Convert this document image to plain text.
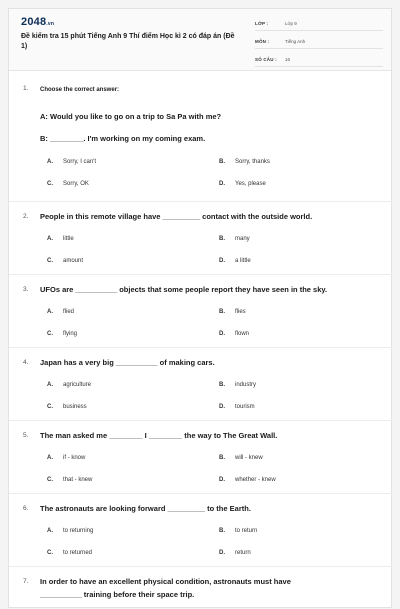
2048.vn
Đề kiểm tra 15 phút Tiếng Anh 9 Thí điểm Học kì 2 có đáp án (Đề 1)
LỚP :	Lớp 9
MÔN :	Tiếng Anh
SỐ CÂU :	16
1. Choose the correct answer:
A: Would you like to go on a trip to Sa Pa with me?
B: ________. I'm working on my coming exam.
A.	Sorry, I can't	B.	Sorry, thanks
C.	Sorry, OK	D.	Yes, please
2. People in this remote village have _________ contact with the outside world.
A.	little	B.	many
C.	amount	D.	a little
3. UFOs are __________ objects that some people report they have seen in the sky.
A.	flied	B.	flies
C.	flying	D.	flown
4. Japan has a very big __________ of making cars.
A.	agriculture	B.	industry
C.	business	D.	tourism
5. The man asked me ________ I ________ the way to The Great Wall.
A.	if - know	B.	will - knew
C.	that - knew	D.	whether - knew
6. The astronauts are looking forward _________ to the Earth.
A.	to returning	B.	to return
C.	to returned	D.	return
7. In order to have an excellent physical condition, astronauts must have
__________ training before their space trip.
